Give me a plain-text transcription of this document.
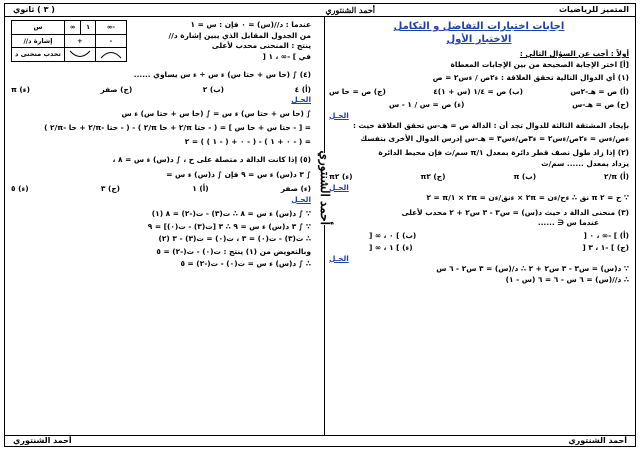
المتميز للرياضيات
أحمد الشنتوري
( ٣ ) ثانوي
أحمد الشنتوري
اجابات اختبارات التفاضل و التكامل
الاختبار الأول
أولاً : أجب عن السؤال التالي :
[أ] اختر الإجابة الصحيحة من بين الإجابات المعطاة
(١) أي الدوال التالية تحقق العلاقة : ء٢ص / ءس٢ = ص
(أ) ص = هـ-٢س
(ب) ص = ١/٤ (س + ١)٤
(ج) ص = حا س
(ح) ص = هـ-س
(ء) ص = س / ١ - س
الحـل
بإيجاد المشتقة الثالثة للدوال تجد أن : الدالة ص = هـ-س تحقق العلاقة حيث :
ءص/ءس = ء٢ص/ءس٢ = ء٣ص/ءس٣ = هـ-س إدرس الدوال الأخرى بنفسك
(٢) إذا زاد طول نصف قطر دائرة بمعدل ١/π سم/ث فإن محيط الدائرة
يزداد بمعدل ...... سم/ث
(أ) π/٢
(ب) π
(ج) π٢
(ء) π٢
الحـل
∵ ح = ٢ π نق ∴ ءح/ءن = ٢π × ءنق/ءن = ٢π × ١/π = ٢
(٣) منحنى الدالة د حيث د(س) = س٣ - ٣ س٢ + ٢ محدب لأعلى
عندما س ∈ ......
(أ) ] -∞ ، ٠ [
(ب) ] ٠ ، ∞ [
(ج) ] -١ ، ٣ [
(ء) ] ١ ، ∞ [
الحـل
∵ د(س) = س٣ - ٣ س٢ + ٢ ∴ د/(س) = ٣ س٢ - ٦ س
∴ د//(س) = ٦ س - ٦ = ٦ (س - ١)
عندما : د//(س) = ٠ فإن : س = ١
من الجدول المقابل الذي يبين إشارة د//
ينتج : المنحنى محدب لأعلى
في ] -∞ ، ١ [
-∞	١	∞	س
-	+		إشارة د//

	تحدب منحنى د
(٤) ∫ (حا س + حتا س) ء س ÷ ء س يساوي ......
(أ) ٤
(ب) ٢
(ج) صفر
(ء) π
الحـل
∫ (حا س + حتا س) ء س = ∫ (حا س + حتا س) ء س
= [ - حتا س + حا س ] = ( - حتا π/٢ + حا π/٢ ) - ( - حتا -π/٢ + حا -π/٢ )
= ( - ٠ + ١ ) - ( - ٠ + ( - ١ ) ) = ٢
(٥) إذا كانت الدالة د متصلة على ح ، ∫ د(س) ء س = ٨ ،
∫ ٣ د(س) ء س = ٩ فإن ∫ د(س) ء س =
(ء) صفر
(أ) ١
(ج) ٣
(ء) ٥
الحـل
∵ ∫ د(س) ء س = ٨ ∴ ت(٣) - ت(-٢) = ٨ (١)
∵ ∫ ٣ د(س) ء س = ٩ ∴ ٣ [ت(٣) - ت(٠)] = ٩
∴ ت(٣) - ت(٠) = ٣ ، ت(٠) = ت(٣) - ٣ (٢)
وبالتعويض من (١) ينتج : ت(٠) - ت(-٢) = ٥
∴ ∫ د(س) ء س = ت(٠) - ت(-٢) = ٥
أحمد الشنتوري
أحمد الشنتوري
